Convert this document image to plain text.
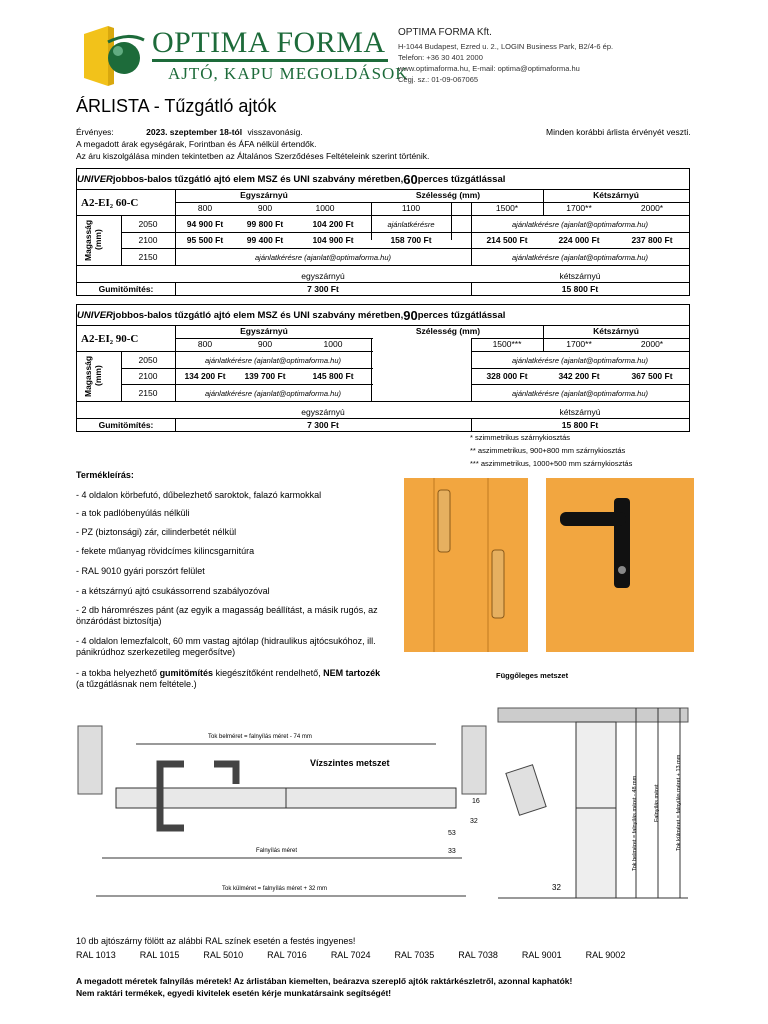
OPTIMA FORMA
AJTÓ, KAPU MEGOLDÁSOK
OPTIMA FORMA Kft.
H-1044 Budapest, Ezred u. 2., LOGIN Business Park, B2/4-6 ép.
Telefon: +36 30 401 2000
www.optimaforma.hu, E-mail: optima@optimaforma.hu
Cégj. sz.: 01-09-067065
ÁRLISTA - Tűzgátló ajtók
Érvényes:	2023. szeptember 18-tól visszavonásig.	Minden korábbi árlista érvényét veszti.
A megadott árak egységárak, Forintban és ÁFA nélkül értendők.
Az áru kiszolgálása minden tekintetben az Általános Szerződéses Feltételeink szerint történik.
UNIVER jobbos-balos tűzgátló ajtó elem MSZ és UNI szabvány méretben, 60 perces tűzgátlással
A2-EI₂ 60-C
Egyszárnyú	Szélesség (mm)	Kétszárnyú
800	900	1000	1100	1500*	1700**	2000*
Magasság (mm)
2050	94 900 Ft	99 800 Ft	104 200 Ft	ajánlatkérésre	ajánlatkérésre (ajanlat@optimaforma.hu)
2100	95 500 Ft	99 400 Ft	104 900 Ft	158 700 Ft	214 500 Ft	224 000 Ft	237 800 Ft
2150	ajánlatkérésre (ajanlat@optimaforma.hu)	ajánlatkérésre (ajanlat@optimaforma.hu)
egyszárnyú	kétszárnyú
Gumitömítés:	7 300 Ft	15 800 Ft
UNIVER jobbos-balos tűzgátló ajtó elem MSZ és UNI szabvány méretben, 90 perces tűzgátlással
A2-EI₂ 90-C
Egyszárnyú	Szélesség (mm)	Kétszárnyú
800	900	1000	1500***	1700**	2000*
Magasság (mm)
2050	ajánlatkérésre (ajanlat@optimaforma.hu)	ajánlatkérésre (ajanlat@optimaforma.hu)
2100	134 200 Ft	139 700 Ft	145 800 Ft	328 000 Ft	342 200 Ft	367 500 Ft
2150	ajánlatkérésre (ajanlat@optimaforma.hu)	ajánlatkérésre (ajanlat@optimaforma.hu)
egyszárnyú	kétszárnyú
Gumitömítés:	7 300 Ft	15 800 Ft
* szimmetrikus szárnykiosztás
** aszimmetrikus, 900+800 mm szárnykiosztás
*** aszimmetrikus, 1000+500 mm szárnykiosztás
Termékleírás:
- 4 oldalon körbefutó, dűbelezhető saroktok, falazó karmokkal
- a tok padlóbenyúlás nélküli
- PZ (biztonsági) zár, cilinderbetét nélkül
- fekete műanyag rövidcímes kilincsgarnitúra
- RAL 9010 gyári porszórt felület
- a kétszárnyú ajtó csukássorrend szabályozóval
- 2 db háromrészes pánt (az egyik a magasság beállítást, a másik rugós, az önzáródást biztosítja)
- 4 oldalon lemezfalcolt, 60 mm vastag ajtólap (hidraulikus ajtócsukóhoz, ill. pánikrúdhoz szerkezetileg megerősítve)
- a tokba helyezhető gumitömítés kiegészítőként rendelhető, NEM tartozék
(a tűzgátlásnak nem feltétele.)
Függőleges metszet
Vízszintes metszet
Tok belméret = falnyílás méret - 74 mm
Falnyílás méret
Tok külméret = falnyílás méret + 32 mm
53
33
16
32	Tok belméret = falnyílás méret - 48 mm	Falnyílás méret	Tok külméret = falnyílás méret + 13 mm
32
10 db ajtószárny fölött az alábbi RAL színek esetén a festés ingyenes!
RAL 1013	RAL 1015	RAL 5010	RAL 7016	RAL 7024	RAL 7035	RAL 7038	RAL 9001	RAL 9002
A megadott méretek falnyílás méretek! Az árlistában kiemelten, beárazva szereplő ajtók raktárkészletről, azonnal kaphatók!
Nem raktári termékek, egyedi kivitelek esetén kérje munkatársaink segítségét!
